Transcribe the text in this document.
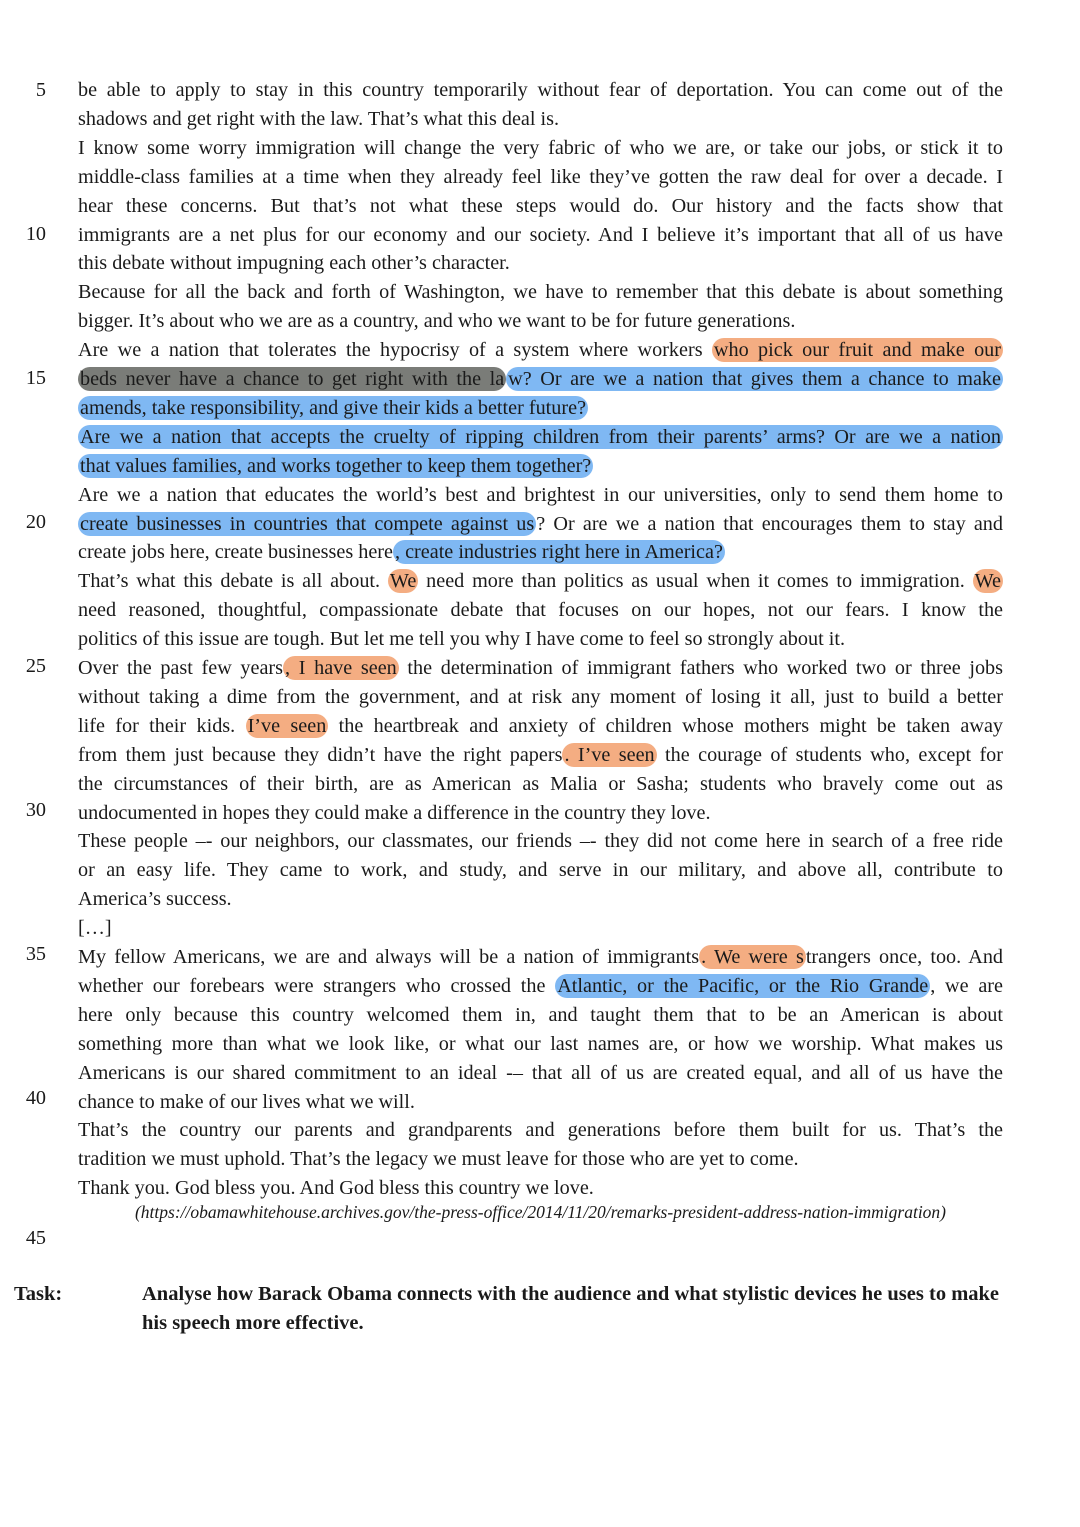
5
10
15
20
25
30
35
40
45
be able to apply to stay in this country temporarily without fear of deportation. You can come out of the
shadows and get right with the law. That’s what this deal is.
I know some worry immigration will change the very fabric of who we are, or take our jobs, or stick it to
middle-class families at a time when they already feel like they’ve gotten the raw deal for over a decade. I
hear these concerns. But that’s not what these steps would do. Our history and the facts show that
immigrants are a net plus for our economy and our society. And I believe it’s important that all of us have
this debate without impugning each other’s character.
Because for all the back and forth of Washington, we have to remember that this debate is about something
bigger. It’s about who we are as a country, and who we want to be for future generations.
Are we a nation that tolerates the hypocrisy of a system where workers who pick our fruit and make our
beds never have a chance to get right with the la w? Or are we a nation that gives them a chance to make
amends, take responsibility, and give their kids a better future?
Are we a nation that accepts the cruelty of ripping children from their parents’ arms? Or are we a nation
that values families, and works together to keep them together?
Are we a nation that educates the world’s best and brightest in our universities, only to send them home to
create businesses in countries that compete against us? Or are we a nation that encourages them to stay and
create jobs here, create businesses here, create industries right here in America?
That’s what this debate is all about. We need more than politics as usual when it comes to immigration. We
need reasoned, thoughtful, compassionate debate that focuses on our hopes, not our fears. I know the
politics of this issue are tough. But let me tell you why I have come to feel so strongly about it.
Over the past few years, I have seen the determination of immigrant fathers who worked two or three jobs
without taking a dime from the government, and at risk any moment of losing it all, just to build a better
life for their kids. I’ve seen the heartbreak and anxiety of children whose mothers might be taken away
from them just because they didn’t have the right papers. I’ve seen the courage of students who, except for
the circumstances of their birth, are as American as Malia or Sasha; students who bravely come out as
undocumented in hopes they could make a difference in the country they love.
These people –- our neighbors, our classmates, our friends –- they did not come here in search of a free ride
or an easy life. They came to work, and study, and serve in our military, and above all, contribute to
America’s success.
[…]
My fellow Americans, we are and always will be a nation of immigrants. We were strangers once, too. And
whether our forebears were strangers who crossed the Atlantic, or the Pacific, or the Rio Grande, we are
here only because this country welcomed them in, and taught them that to be an American is about
something more than what we look like, or what our last names are, or how we worship. What makes us
Americans is our shared commitment to an ideal -– that all of us are created equal, and all of us have the
chance to make of our lives what we will.
That’s the country our parents and grandparents and generations before them built for us. That’s the
tradition we must uphold. That’s the legacy we must leave for those who are yet to come.
Thank you. God bless you. And God bless this country we love.
(https://obamawhitehouse.archives.gov/the-press-office/2014/11/20/remarks-president-address-nation-immigration)
Task:	Analyse how Barack Obama connects with the audience and what stylistic devices he uses to make his speech more effective.
